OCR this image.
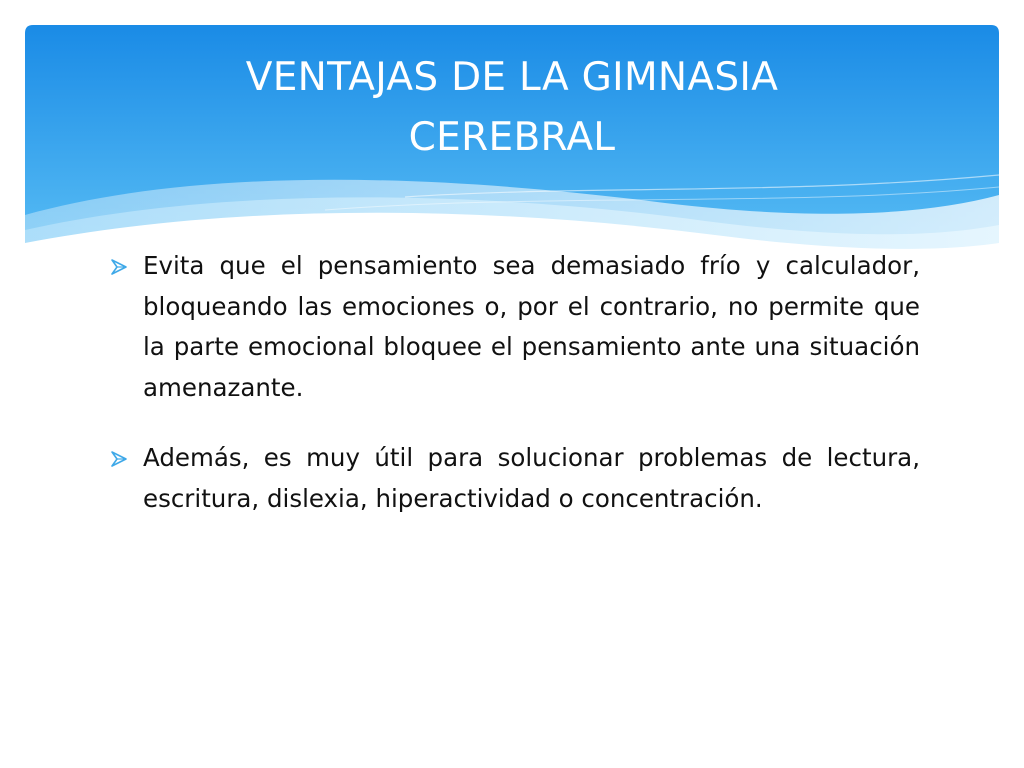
VENTAJAS DE LA GIMNASIA
CEREBRAL
Evita que el pensamiento sea demasiado frío y calculador, bloqueando las emociones o, por el contrario, no permite que la parte emocional bloquee el pensamiento ante una situación amenazante.
Además, es muy útil para solucionar problemas de lectura, escritura, dislexia, hiperactividad o concentración.
